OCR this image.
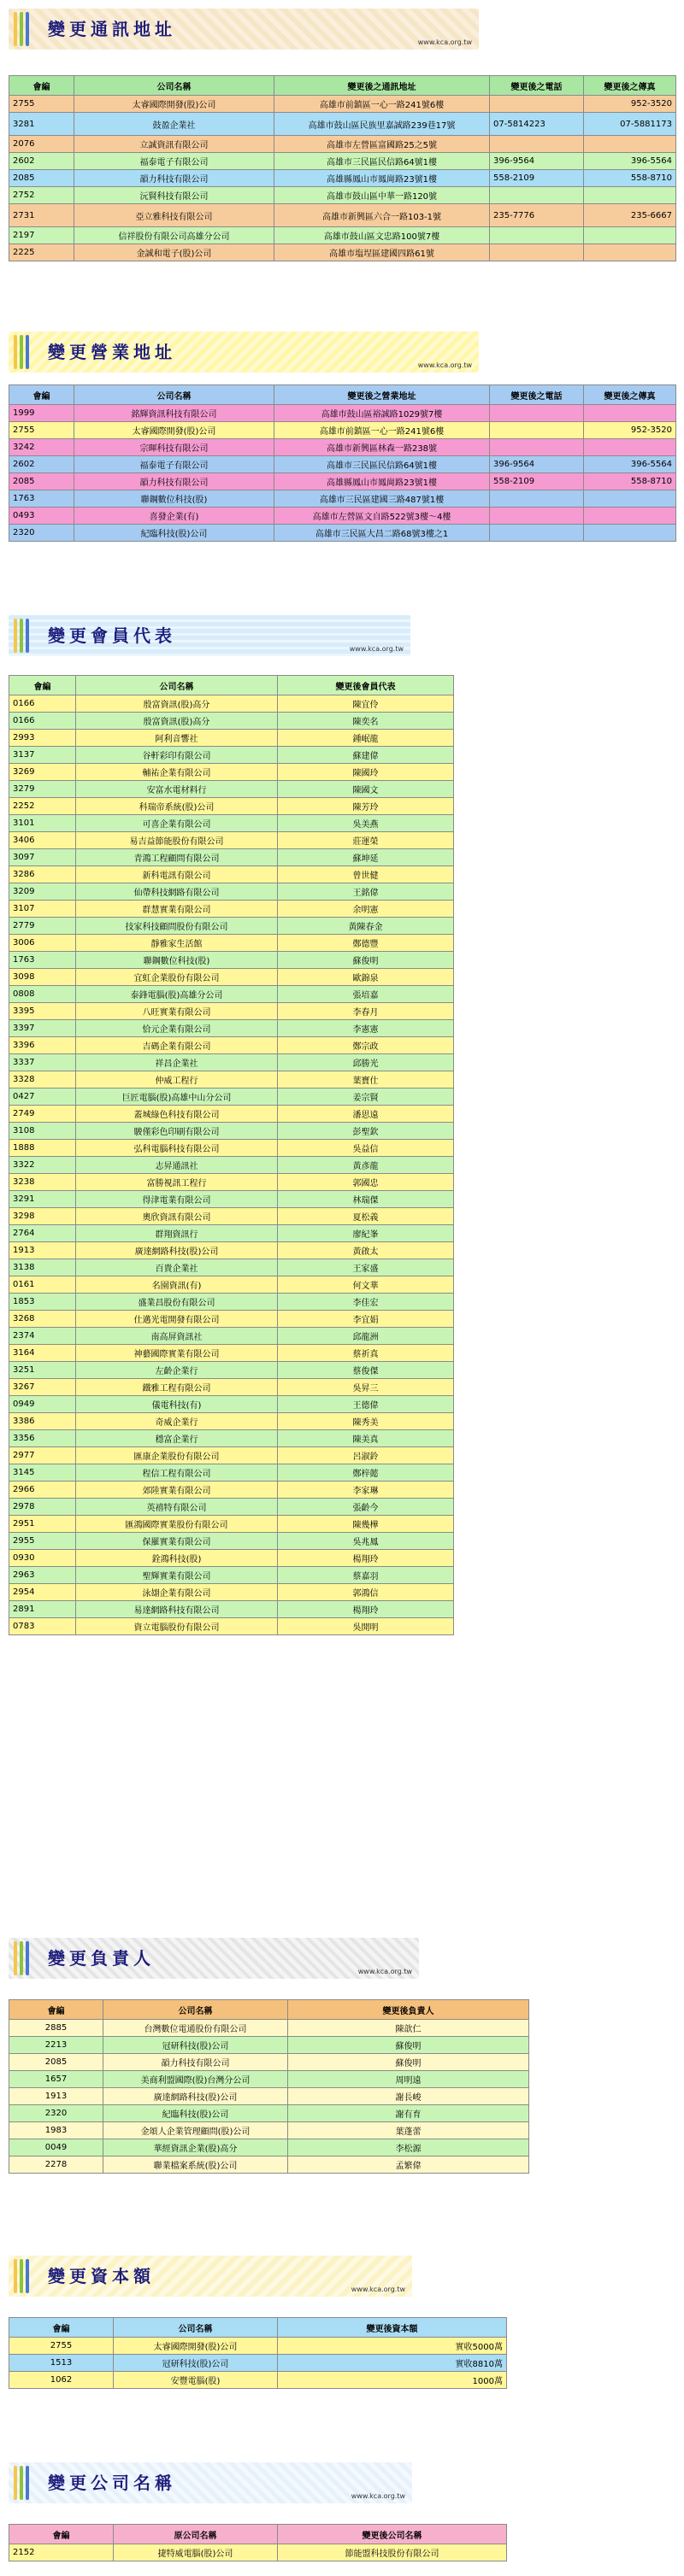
變更通訊地址
www.kca.org.tw
會編	公司名稱	變更後之通訊地址	變更後之電話	變更後之傳真
2755	太睿國際開發(股)公司	高雄市前鎮區一心一路241號6樓		952-3520
3281	鼓盈企業社	高雄市鼓山區民族里嘉誠路239巷17號	07-5814223	07-5881173
2076	立誠資訊有限公司	高雄市左營區富國路25之5號		
2602	福泰電子有限公司	高雄市三民區民信路64號1樓	396-9564	396-5564
2085	韻力科技有限公司	高雄縣鳳山市鳳崗路23號1樓	558-2109	558-8710
2752	沅賢科技有限公司	高雄市鼓山區中華一路120號		
2731	亞立雅科技有限公司	高雄市新興區六合一路103-1號	235-7776	235-6667
2197	信祥股份有限公司高雄分公司	高雄市鼓山區文忠路100號7樓		
2225	金誠和電子(股)公司	高雄市塩埕區建國四路61號		
變更營業地址
www.kca.org.tw
會編	公司名稱	變更後之營業地址	變更後之電話	變更後之傳真
1999	銘輝資訊科技有限公司	高雄市鼓山區裕誠路1029號7樓		
2755	太睿國際開發(股)公司	高雄市前鎮區一心一路241號6樓		952-3520
3242	宗暉科技有限公司	高雄市新興區林森一路238號		
2602	福泰電子有限公司	高雄市三民區民信路64號1樓	396-9564	396-5564
2085	韻力科技有限公司	高雄縣鳳山市鳳崗路23號1樓	558-2109	558-8710
1763	聯鋼數位科技(股)	高雄市三民區建國三路487號1樓		
0493	喜發企業(有)	高雄市左營區文自路522號3樓～4樓		
2320	紀臨科技(股)公司	高雄市三民區大昌二路68號3樓之1		
變更會員代表
www.kca.org.tw
會編	公司名稱	變更後會員代表
0166	殷富資訊(股)高分	陳宜伶
0166	殷富資訊(股)高分	陳奕名
2993	阿利音響社	鍾岷龍
3137	谷軒彩印有限公司	蘇建偉
3269	輔祐企業有限公司	陳國玲
3279	安富水電材料行	陳國文
2252	科瑞帝系統(股)公司	陳芳玲
3101	可喜企業有限公司	吳美燕
3406	易吉益節能股份有限公司	莊運榮
3097	青鴻工程顧問有限公司	蘇坤延
3286	新科電訊有限公司	曾世健
3209	仙帶科技網路有限公司	王銘偉
3107	群慧實業有限公司	余明憲
2779	技家科技顧問股份有限公司	黃陳春金
3006	靜雅家生活館	鄭德豐
1763	聯鋼數位科技(股)	蘇俊明
3098	宜虹企業股份有限公司	歐錦泉
0808	泰鋒電腦(股)高雄分公司	張培嘉
3395	八旺實業有限公司	李春月
3397	恰元企業有限公司	李憲憲
3396	吉碼企業有限公司	鄭宗政
3337	祥昌企業社	邱勝光
3328	仲威工程行	葉寶仕
0427	巨匠電腦(股)高雄中山分公司	姜宗賢
2749	蓋城綠色科技有限公司	潘思遠
3108	駿僅彩色印刷有限公司	彭聖欽
1888	弘科電腦科技有限公司	吳益信
3322	志昇通訊社	黃彥龍
3238	富勝視訊工程行	郭國忠
3291	得津電業有限公司	林瑞傑
3298	奧欣資訊有限公司	夏松義
2764	群翔資訊行	廖紀峯
1913	廣達網路科技(股)公司	黃啟太
3138	百貴企業社	王家盛
0161	名園資訊(有)	何文華
1853	盛業昌股份有限公司	李佳宏
3268	仕邁光電開發有限公司	李宜娟
2374	南高屏資訊社	邱龍洲
3164	神藝國際實業有限公司	蔡祈真
3251	左齡企業行	蔡俊傑
3267	鐵雅工程有限公司	吳昇三
0949	儀電科技(有)	王德偉
3386	奇威企業行	陳秀美
3356	穩富企業行	陳美真
2977	匯康企業股份有限公司	呂淑鈴
3145	程信工程有限公司	鄭梓懿
2966	郊陸實業有限公司	李家琳
2978	英禧特有限公司	張齡今
2951	匯鴻國際實業股份有限公司	陳幾樺
2955	保羅實業有限公司	吳兆鳳
0930	銓鴻科技(股)	楊翔玲
2963	聖輝實業有限公司	蔡嘉羽
2954	泳翃企業有限公司	郭鴻信
2891	易達網路科技有限公司	楊翔玲
0783	資立電腦股份有限公司	吳開明
變更負責人
www.kca.org.tw
會編	公司名稱	變更後負責人
2885	台灣數位電通股份有限公司	陳歆仁
2213	冠研科技(股)公司	蘇俊明
2085	韻力科技有限公司	蘇俊明
1657	美商利盟國際(股)台灣分公司	周明遠
1913	廣達網路科技(股)公司	謝長峻
2320	紀臨科技(股)公司	謝有育
1983	金頌人企業管理顧問(股)公司	葉蓬蕾
0049	華經資訊企業(股)高分	李松源
2278	聯業檔案系統(股)公司	孟繁偉
變更資本額
www.kca.org.tw
會編	公司名稱	變更後資本額
2755	太睿國際開發(股)公司	實收5000萬
1513	冠研科技(股)公司	實收8810萬
1062	安豐電腦(股)	1000萬
變更公司名稱
www.kca.org.tw
會編	原公司名稱	變更後公司名稱
2152	捷特威電腦(股)公司	節能盟科技股份有限公司
